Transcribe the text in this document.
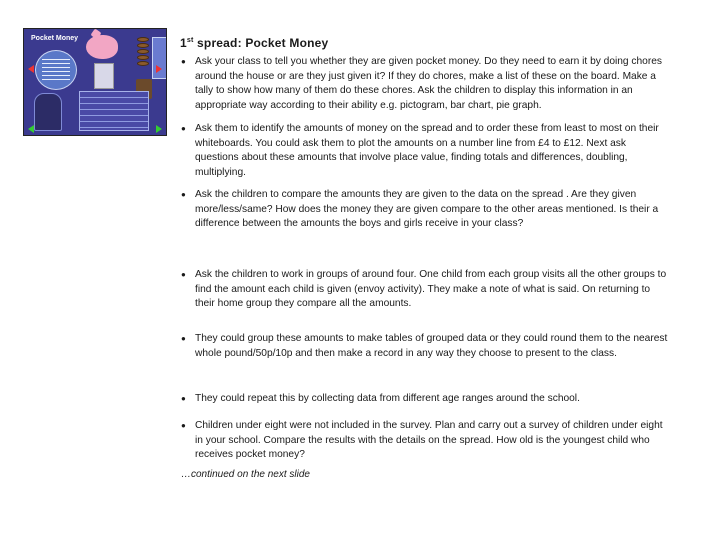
Pocket Money	1st spread: Pocket Money
● Ask your class to tell you whether they are given pocket money. Do they need to earn it by doing chores around the house or are they just given it? If they do chores, make a list of these on the board. Make a tally to show how many of them do these chores. Ask the children to display this information in an appropriate way according to their ability e.g. pictogram, bar chart, pie graph.
● Ask them to identify the amounts of money on the spread and to order these from least to most on their whiteboards. You could ask them to plot the amounts on a number line from £4 to £12. Next ask questions about these amounts that involve place value, finding totals and differences, doubling, multiplying.
● Ask the children to compare the amounts they are given to the data on the spread . Are they given more/less/same? How does the money they are given compare to the other areas mentioned. Is their a difference between the amounts the boys and girls receive in your class?
● Ask the children to work in groups of around four. One child from each group visits all the other groups to find the amount each child is given (envoy activity). They make a note of what is said. On returning to their home group they compare all the amounts.
● They could group these amounts to make tables of grouped data or they could round them to the nearest whole pound/50p/10p and then make a record in any way they choose to present to the class.
● They could repeat this by collecting data from different age ranges around the school.
● Children under eight were not included in the survey. Plan and carry out a survey of children under eight in your school. Compare the results with the details on the spread. How old is the youngest child who receives pocket money?

…continued on the next slide
